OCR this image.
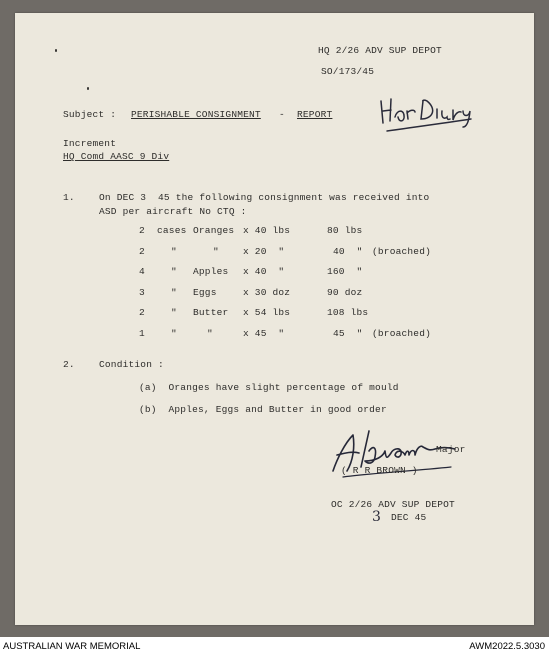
HQ 2/26 ADV SUP DEPOT
SO/173/45
Subject : PERISHABLE CONSIGNMENT - REPORT
Increment
HQ Comd AASC 9 Div
1.	On DEC 3  45 the following consignment was received into
ASD per aircraft No CTQ :
2 cases Oranges x 40 lbs	80 lbs
2	"	"	x 20  "	40  " (broached)
4	" Apples x 40  "	160  "
3	" Eggs	x 30 doz	90 doz
2	" Butter x 54 lbs	108 lbs
1	"	"	x 45  "	45  " (broached)
2.	Condition :
(a)  Oranges have slight percentage of mould
(b)  Apples, Eggs and Butter in good order
Major
( R R BROWN )
OC 2/26 ADV SUP DEPOT
3 DEC 45
AUSTRALIAN WAR MEMORIAL	AWM2022.5.3030
